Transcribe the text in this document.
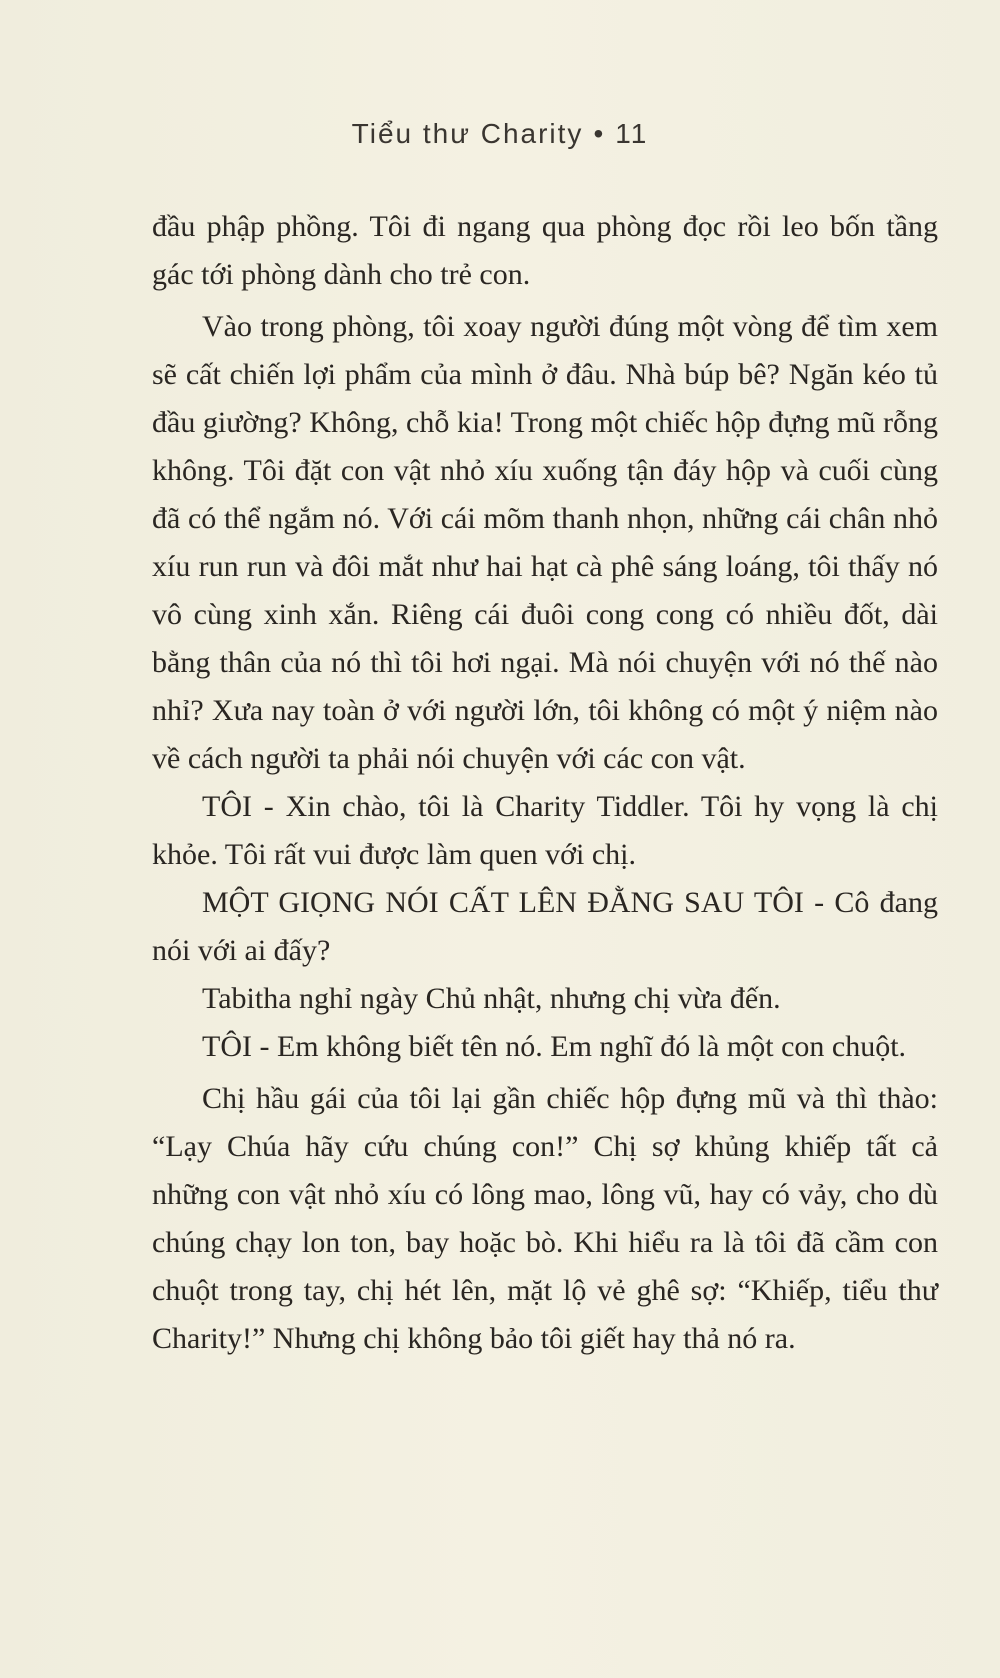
Tiểu thư Charity • 11

đầu phập phồng. Tôi đi ngang qua phòng đọc rồi leo bốn tầng gác tới phòng dành cho trẻ con.

Vào trong phòng, tôi xoay người đúng một vòng để tìm xem sẽ cất chiến lợi phẩm của mình ở đâu. Nhà búp bê? Ngăn kéo tủ đầu giường? Không, chỗ kia! Trong một chiếc hộp đựng mũ rỗng không. Tôi đặt con vật nhỏ xíu xuống tận đáy hộp và cuối cùng đã có thể ngắm nó. Với cái mõm thanh nhọn, những cái chân nhỏ xíu run run và đôi mắt như hai hạt cà phê sáng loáng, tôi thấy nó vô cùng xinh xắn. Riêng cái đuôi cong cong có nhiều đốt, dài bằng thân của nó thì tôi hơi ngại. Mà nói chuyện với nó thế nào nhỉ? Xưa nay toàn ở với người lớn, tôi không có một ý niệm nào về cách người ta phải nói chuyện với các con vật.

TÔI - Xin chào, tôi là Charity Tiddler. Tôi hy vọng là chị khỏe. Tôi rất vui được làm quen với chị.

MỘT GIỌNG NÓI CẤT LÊN ĐẰNG SAU TÔI - Cô đang nói với ai đấy?

Tabitha nghỉ ngày Chủ nhật, nhưng chị vừa đến.

TÔI - Em không biết tên nó. Em nghĩ đó là một con chuột.

Chị hầu gái của tôi lại gần chiếc hộp đựng mũ và thì thào: “Lạy Chúa hãy cứu chúng con!” Chị sợ khủng khiếp tất cả những con vật nhỏ xíu có lông mao, lông vũ, hay có vảy, cho dù chúng chạy lon ton, bay hoặc bò. Khi hiểu ra là tôi đã cầm con chuột trong tay, chị hét lên, mặt lộ vẻ ghê sợ: “Khiếp, tiểu thư Charity!” Nhưng chị không bảo tôi giết hay thả nó ra.
